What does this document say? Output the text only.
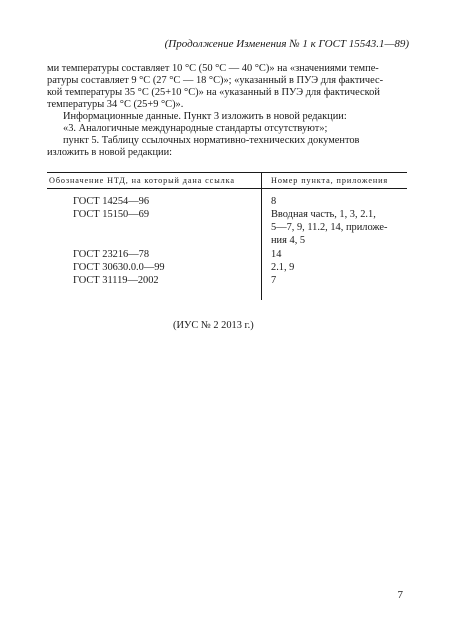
(Продолжение Изменения № 1 к ГОСТ 15543.1—89)
ми температуры составляет 10 °С (50 °С — 40 °С)» на «значениями темпе-
ратуры составляет 9 °С (27 °С — 18 °С)»; «указанный в ПУЭ для фактичес-
кой температуры 35 °С (25+10 °С)» на «указанный в ПУЭ для фактической
температуры 34 °С (25+9 °С)».
Информационные данные. Пункт 3 изложить в новой редакции:
«3. Аналогичные международные стандарты отсутствуют»;
пункт 5. Таблицу ссылочных нормативно-технических документов
изложить в новой редакции:
Обозначение НТД, на который дана ссылка	Номер пункта, приложения
ГОСТ 14254—96	8
ГОСТ 15150—69	Вводная часть, 1, 3, 2.1,
5—7, 9, 11.2, 14, приложе-
ния 4, 5
ГОСТ 23216—78	14
ГОСТ 30630.0.0—99	2.1, 9
ГОСТ 31119—2002	7
(ИУС № 2 2013 г.)
7
